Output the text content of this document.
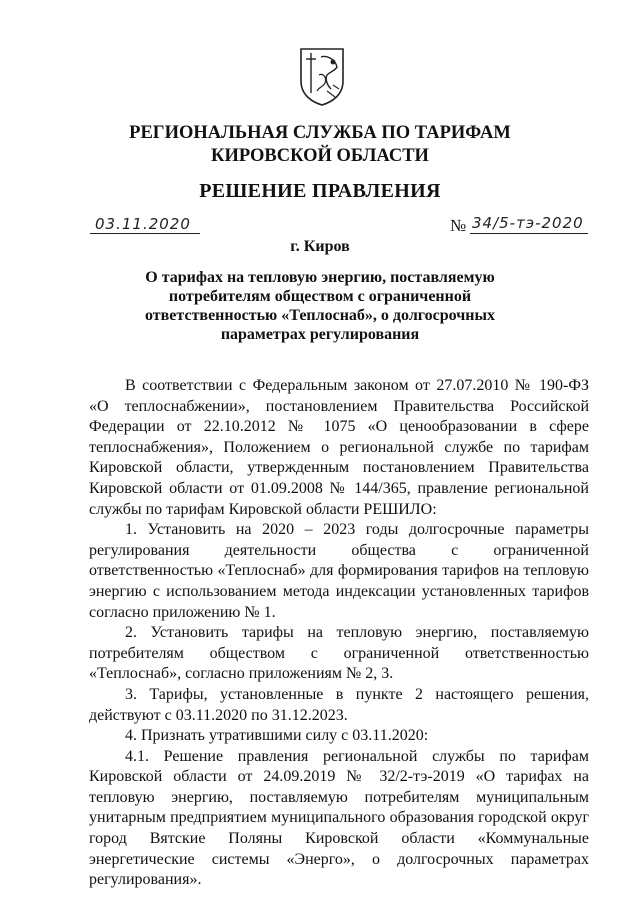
РЕГИОНАЛЬНАЯ СЛУЖБА ПО ТАРИФАМ
КИРОВСКОЙ ОБЛАСТИ
РЕШЕНИЕ ПРАВЛЕНИЯ
03.11.2020	№ 34/5-тэ-2020
г. Киров
О тарифах на тепловую энергию, поставляемую
потребителям обществом с ограниченной
ответственностью «Теплоснаб», о долгосрочных
параметрах регулирования

В соответствии с Федеральным законом от 27.07.2010 № 190-ФЗ «О теплоснабжении», постановлением Правительства Российской Федерации от 22.10.2012 № 1075 «О ценообразовании в сфере теплоснабжения», Положением о региональной службе по тарифам Кировской области, утвержденным постановлением Правительства Кировской области от 01.09.2008 № 144/365, правление региональной службы по тарифам Кировской области РЕШИЛО:

1. Установить на 2020 – 2023 годы долгосрочные параметры регулирования деятельности общества с ограниченной ответственностью «Теплоснаб» для формирования тарифов на тепловую энергию с использованием метода индексации установленных тарифов согласно приложению № 1.

2. Установить тарифы на тепловую энергию, поставляемую потребителям обществом с ограниченной ответственностью «Теплоснаб», согласно приложениям № 2, 3.

3. Тарифы, установленные в пункте 2 настоящего решения, действуют с 03.11.2020 по 31.12.2023.

4. Признать утратившими силу с 03.11.2020:

4.1. Решение правления региональной службы по тарифам Кировской области от 24.09.2019 № 32/2-тэ-2019 «О тарифах на тепловую энергию, поставляемую потребителям муниципальным унитарным предприятием муниципального образования городской округ город Вятские Поляны Кировской области «Коммунальные энергетические системы «Энерго», о долгосрочных параметрах регулирования».
